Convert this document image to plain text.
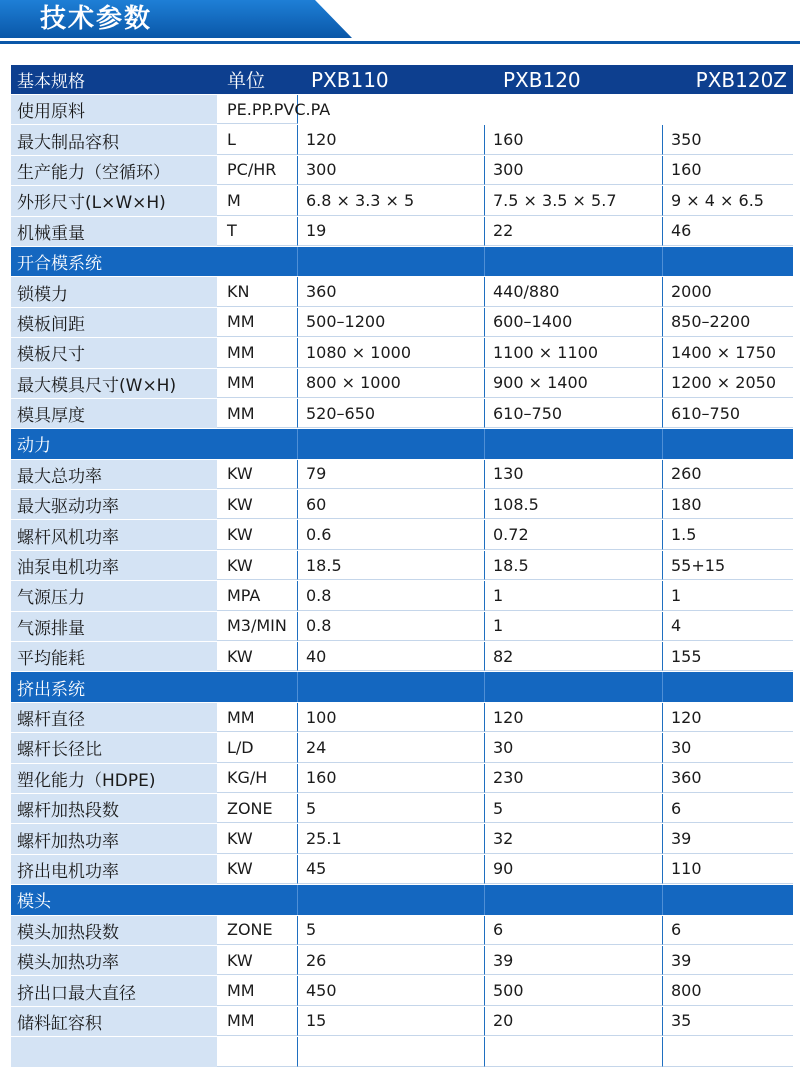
技术参数
基本规格	单位	PXB110	PXB120	PXB120Z
使用原料	PE.PP.PVC.PA
最大制品容积	L	120	160	350
生产能力（空循环）	PC/HR	300	300	160
外形尺寸(L×W×H)	M	6.8 × 3.3 × 5	7.5 × 3.5 × 5.7	9 × 4 × 6.5
机械重量	T	19	22	46
开合模系统
锁模力	KN	360	440/880	2000
模板间距	MM	500–1200	600–1400	850–2200
模板尺寸	MM	1080 × 1000	1100 × 1100	1400 × 1750
最大模具尺寸(W×H)	MM	800 × 1000	900 × 1400	1200 × 2050
模具厚度	MM	520–650	610–750	610–750
动力
最大总功率	KW	79	130	260
最大驱动功率	KW	60	108.5	180
螺杆风机功率	KW	0.6	0.72	1.5
油泵电机功率	KW	18.5	18.5	55+15
气源压力	MPA	0.8	1	1
气源排量	M3/MIN	0.8	1	4
平均能耗	KW	40	82	155
挤出系统
螺杆直径	MM	100	120	120
螺杆长径比	L/D	24	30	30
塑化能力（HDPE)	KG/H	160	230	360
螺杆加热段数	ZONE	5	5	6
螺杆加热功率	KW	25.1	32	39
挤出电机功率	KW	45	90	110
模头
模头加热段数	ZONE	5	6	6
模头加热功率	KW	26	39	39
挤出口最大直径	MM	450	500	800
储料缸容积	MM	15	20	35
